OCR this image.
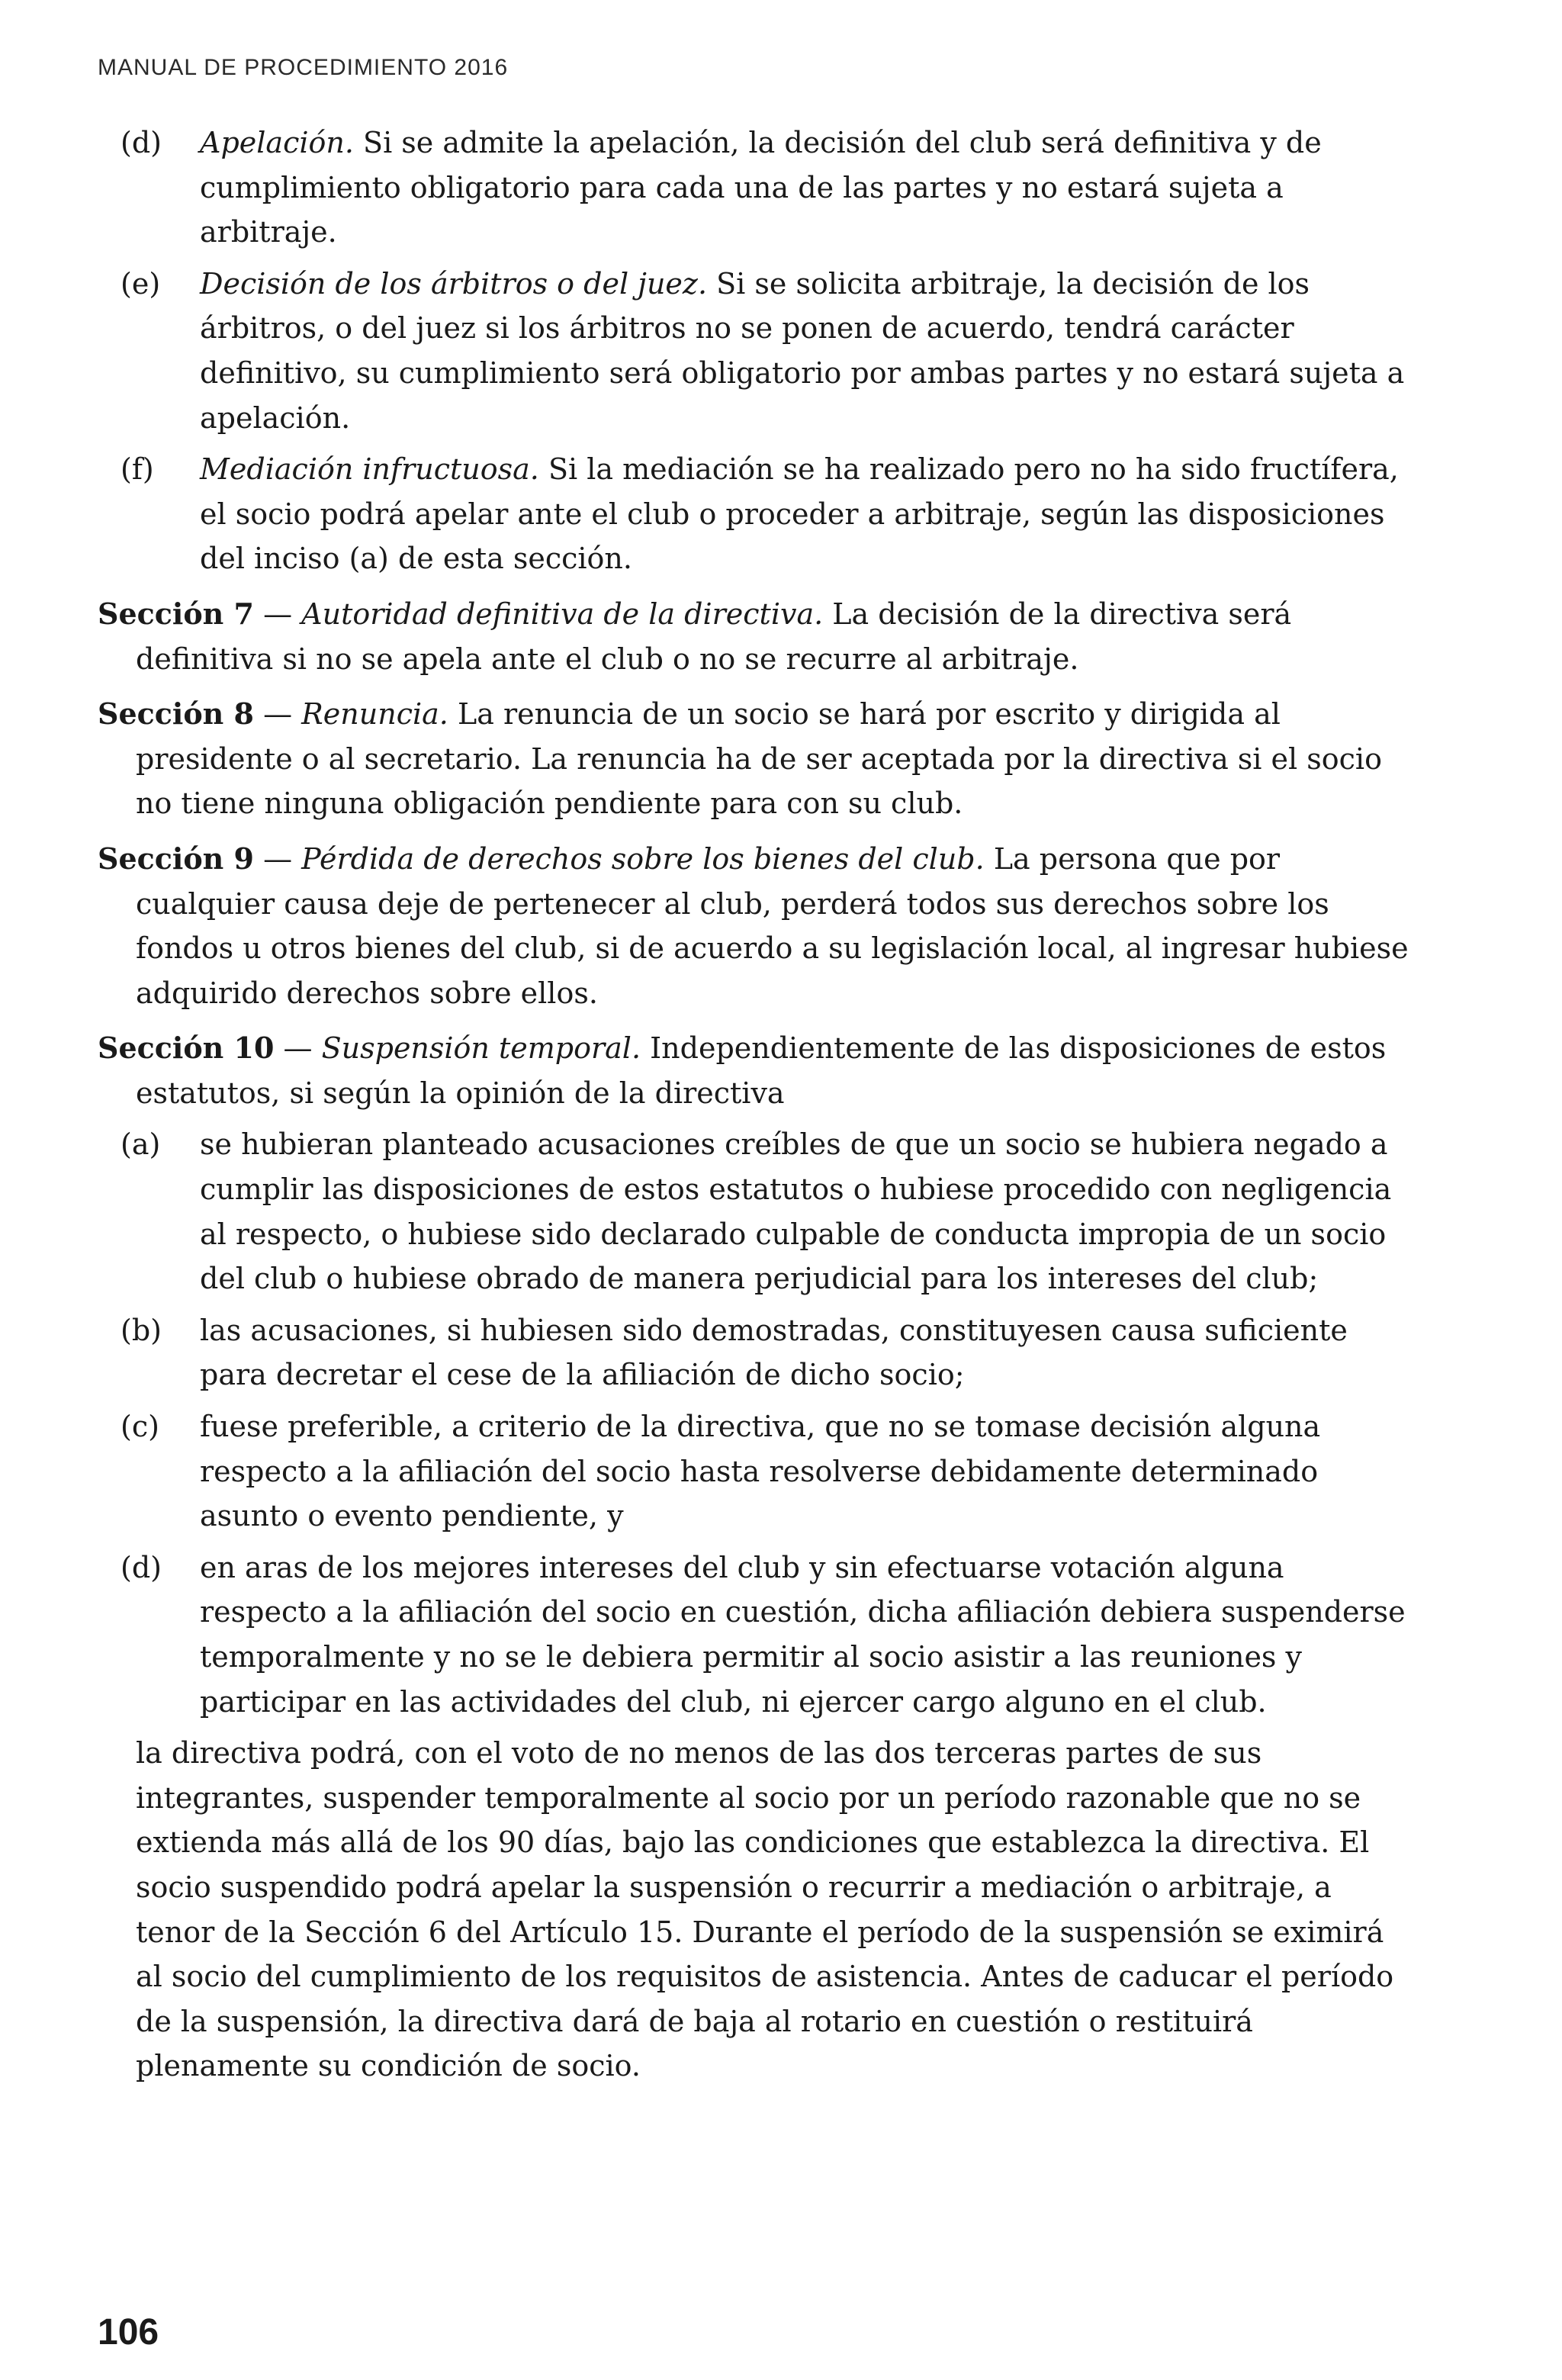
MANUAL DE PROCEDIMIENTO 2016
(d)	Apelación. Si se admite la apelación, la decisión del club será definitiva y de cumplimiento obligatorio para cada una de las partes y no estará sujeta a arbitraje.
(e)	Decisión de los árbitros o del juez. Si se solicita arbitraje, la decisión de los árbitros, o del juez si los árbitros no se ponen de acuerdo, tendrá carácter definitivo, su cumplimiento será obligatorio por ambas partes y no estará sujeta a apelación.
(f)	Mediación infructuosa. Si la mediación se ha realizado pero no ha sido fructífera, el socio podrá apelar ante el club o proceder a arbitraje, según las disposiciones del inciso (a) de esta sección.
Sección 7 — Autoridad definitiva de la directiva. La decisión de la directiva será definitiva si no se apela ante el club o no se recurre al arbitraje.
Sección 8 — Renuncia. La renuncia de un socio se hará por escrito y dirigida al presidente o al secretario. La renuncia ha de ser aceptada por la directiva si el socio no tiene ninguna obligación pendiente para con su club.
Sección 9 — Pérdida de derechos sobre los bienes del club. La persona que por cualquier causa deje de pertenecer al club, perderá todos sus derechos sobre los fondos u otros bienes del club, si de acuerdo a su legislación local, al ingresar hubiese adquirido derechos sobre ellos.
Sección 10 — Suspensión temporal. Independientemente de las disposiciones de estos estatutos, si según la opinión de la directiva
(a)	se hubieran planteado acusaciones creíbles de que un socio se hubiera negado a cumplir las disposiciones de estos estatutos o hubiese procedido con negligencia al respecto, o hubiese sido declarado culpable de conducta impropia de un socio del club o hubiese obrado de manera perjudicial para los intereses del club;
(b)	las acusaciones, si hubiesen sido demostradas, constituyesen causa suficiente para decretar el cese de la afiliación de dicho socio;
(c)	fuese preferible, a criterio de la directiva, que no se tomase decisión alguna respecto a la afiliación del socio hasta resolverse debidamente determinado asunto o evento pendiente, y
(d)	en aras de los mejores intereses del club y sin efectuarse votación alguna respecto a la afiliación del socio en cuestión, dicha afiliación debiera suspenderse temporalmente y no se le debiera permitir al socio asistir a las reuniones y participar en las actividades del club, ni ejercer cargo alguno en el club.
la directiva podrá, con el voto de no menos de las dos terceras partes de sus integrantes, suspender temporalmente al socio por un período razonable que no se extienda más allá de los 90 días, bajo las condiciones que establezca la directiva. El socio suspendido podrá apelar la suspensión o recurrir a mediación o arbitraje, a tenor de la Sección 6 del Artículo 15. Durante el período de la suspensión se eximirá al socio del cumplimiento de los requisitos de asistencia. Antes de caducar el período de la suspensión, la directiva dará de baja al rotario en cuestión o restituirá plenamente su condición de socio.
106
